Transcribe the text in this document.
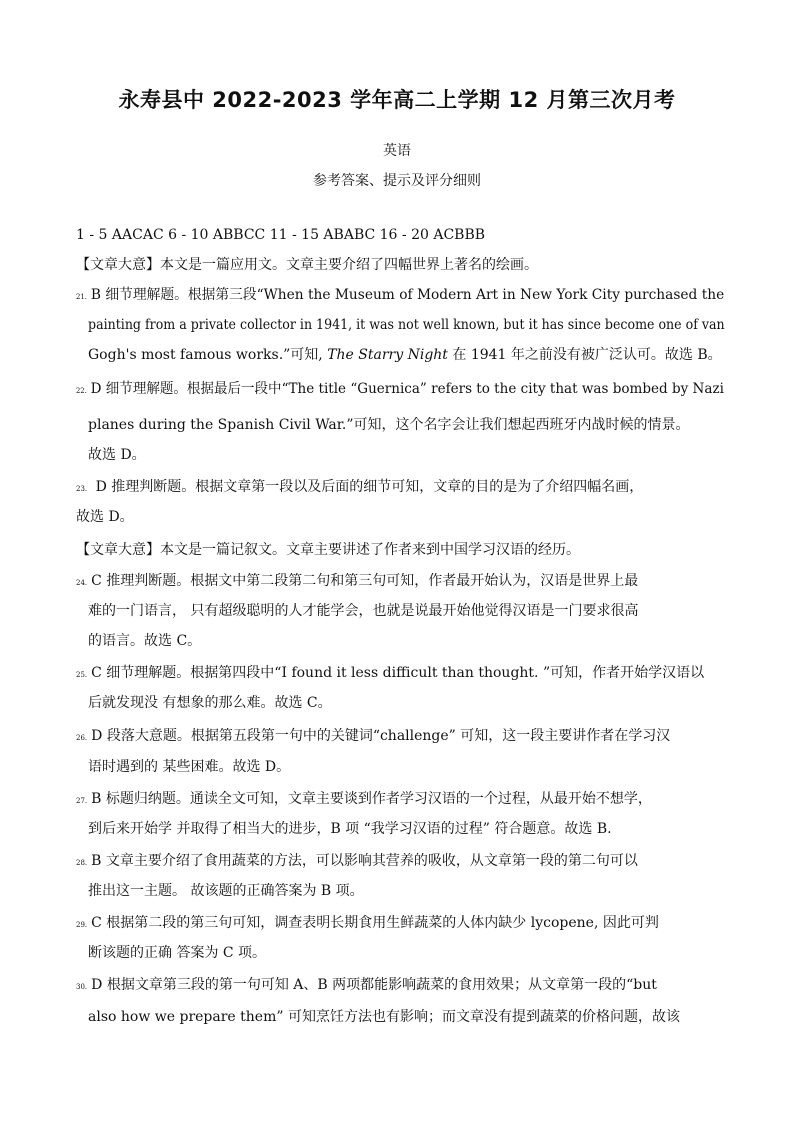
永寿县中 2022-2023 学年高二上学期 12 月第三次月考
英语
参考答案、提示及评分细则
1 - 5 AACAC 6 - 10 ABBCC 11 - 15 ABABC 16 - 20 ACBBB
【文章大意】本文是一篇应用文。文章主要介绍了四幅世界上著名的绘画。
21. B 细节理解题。根据第三段“When the Museum of Modern Art in New York City purchased the
painting from a private collector in 1941, it was not well known, but it has since become one of van
Gogh's most famous works.”可知, The Starry Night 在 1941 年之前没有被广泛认可。故选 B。
22. D 细节理解题。根据最后一段中“The title “Guernica” refers to the city that was bombed by Nazi
planes during the Spanish Civil War.”可知，这个名字会让我们想起西班牙内战时候的情景。
故选 D。
23. D 推理判断题。根据文章第一段以及后面的细节可知，文章的目的是为了介绍四幅名画，
故选 D。
【文章大意】本文是一篇记叙文。文章主要讲述了作者来到中国学习汉语的经历。
24. C 推理判断题。根据文中第二段第二句和第三句可知，作者最开始认为，汉语是世界上最
难的一门语言， 只有超级聪明的人才能学会，也就是说最开始他觉得汉语是一门要求很高
的语言。故选 C。
25. C 细节理解题。根据第四段中“I found it less difficult than thought. ”可知，作者开始学汉语以
后就发现没 有想象的那么难。故选 C。
26. D 段落大意题。根据第五段第一句中的关键词“challenge” 可知，这一段主要讲作者在学习汉
语时遇到的 某些困难。故选 D。
27. B 标题归纳题。通读全文可知，文章主要谈到作者学习汉语的一个过程，从最开始不想学，
到后来开始学 并取得了相当大的进步，B 项 “我学习汉语的过程” 符合题意。故选 B.
28. B 文章主要介绍了食用蔬菜的方法，可以影响其营养的吸收，从文章第一段的第二句可以
推出这一主题。 故该题的正确答案为 B 项。
29. C 根据第二段的第三句可知，调查表明长期食用生鲜蔬菜的人体内缺少 lycopene, 因此可判
断该题的正确 答案为 C 项。
30. D 根据文章第三段的第一句可知 A、B 两项都能影响蔬菜的食用效果；从文章第一段的“but
also how we prepare them” 可知烹饪方法也有影响；而文章没有提到蔬菜的价格问题，故该
